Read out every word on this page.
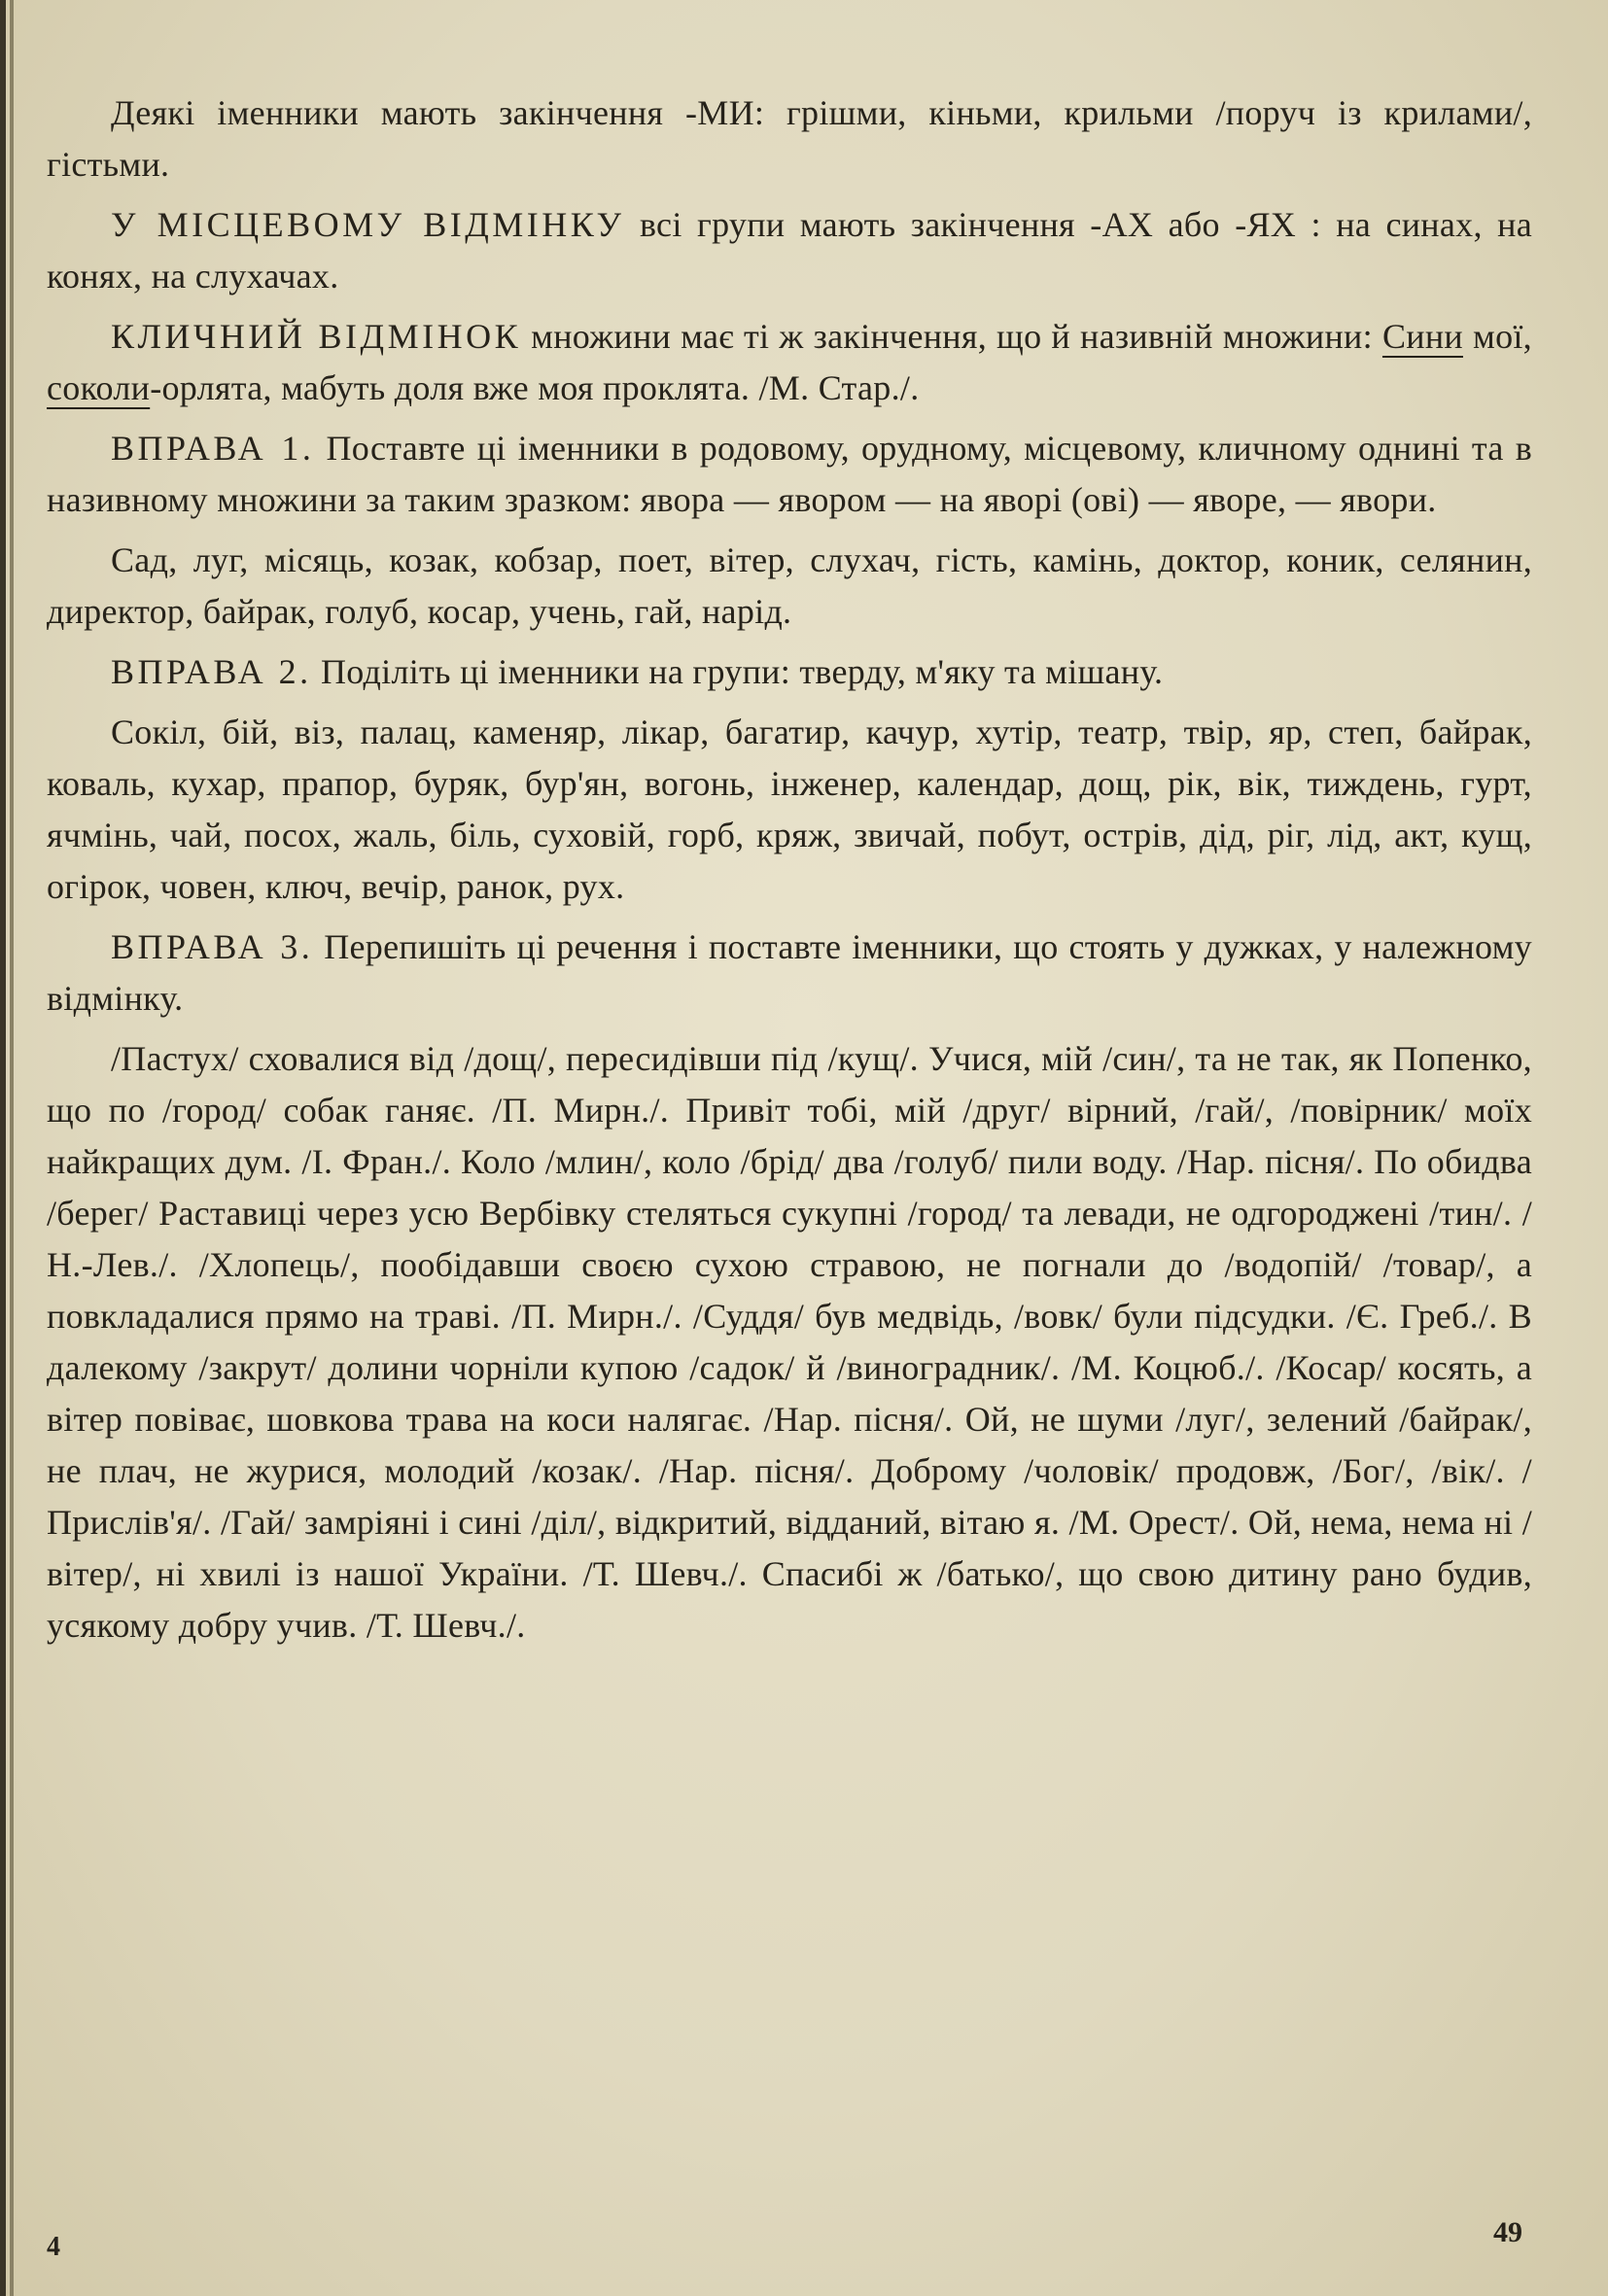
Деякі іменники мають закінчення -МИ: грішми, кіньми, крильми /поруч із крилами/, гістьми.

У МІСЦЕВОМУ ВІДМІНКУ всі групи мають закінчення -АХ або -ЯХ : на синах, на конях, на слухачах.

КЛИЧНИЙ ВІДМІНОК множини має ті ж закінчення, що й називній множини: Сини мої, соколи-орлята, мабуть доля вже моя проклята. /М. Стар./.

ВПРАВА 1. Поставте ці іменники в родовому, орудному, місцевому, кличному однині та в називному множини за таким зразком: явора — явором — на яворі (ові) — яворе, — явори.

Сад, луг, місяць, козак, кобзар, поет, вітер, слухач, гість, камінь, доктор, коник, селянин, директор, байрак, голуб, косар, учень, гай, нарід.

ВПРАВА 2. Поділіть ці іменники на групи: тверду, м'яку та мішану.

Сокіл, бій, віз, палац, каменяр, лікар, багатир, качур, хутір, театр, твір, яр, степ, байрак, коваль, кухар, прапор, буряк, бур'ян, вогонь, інженер, календар, дощ, рік, вік, тиждень, гурт, ячмінь, чай, посох, жаль, біль, суховій, горб, кряж, звичай, побут, острів, дід, ріг, лід, акт, кущ, огірок, човен, ключ, вечір, ранок, рух.

ВПРАВА 3. Перепишіть ці речення і поставте іменники, що стоять у дужках, у належному відмінку.

/Пастух/ сховалися від /дощ/, пересидівши під /кущ/. Учися, мій /син/, та не так, як Попенко, що по /город/ собак ганяє. /П. Мирн./. Привіт тобі, мій /друг/ вірний, /гай/, /повірник/ моїх найкращих дум. /І. Фран./. Коло /млин/, коло /брід/ два /голуб/ пили воду. /Нар. пісня/. По обидва /берег/ Раставиці через усю Вербівку стеляться сукупні /город/ та левади, не одгороджені /тин/. /Н.-Лев./. /Хлопець/, пообідавши своєю сухою стравою, не погнали до /водопій/ /товар/, а повкладалися прямо на траві. /П. Мирн./. /Суддя/ був медвідь, /вовк/ були підсудки. /Є. Греб./. В далекому /закрут/ долини чорніли купою /садок/ й /виноградник/. /М. Коцюб./. /Косар/ косять, а вітер повіває, шовкова трава на коси налягає. /Нар. пісня/. Ой, не шуми /луг/, зелений /байрак/, не плач, не журися, молодий /козак/. /Нар. пісня/. Доброму /чоловік/ продовж, /Бог/, /вік/. /Прислів'я/. /Гай/ замріяні і сині /діл/, відкритий, відданий, вітаю я. /М. Орест/. Ой, нема, нема ні /вітер/, ні хвилі із нашої України. /Т. Шевч./. Спасибі ж /батько/, що свою дитину рано будив, усякому добру учив. /Т. Шевч./.

4	49
